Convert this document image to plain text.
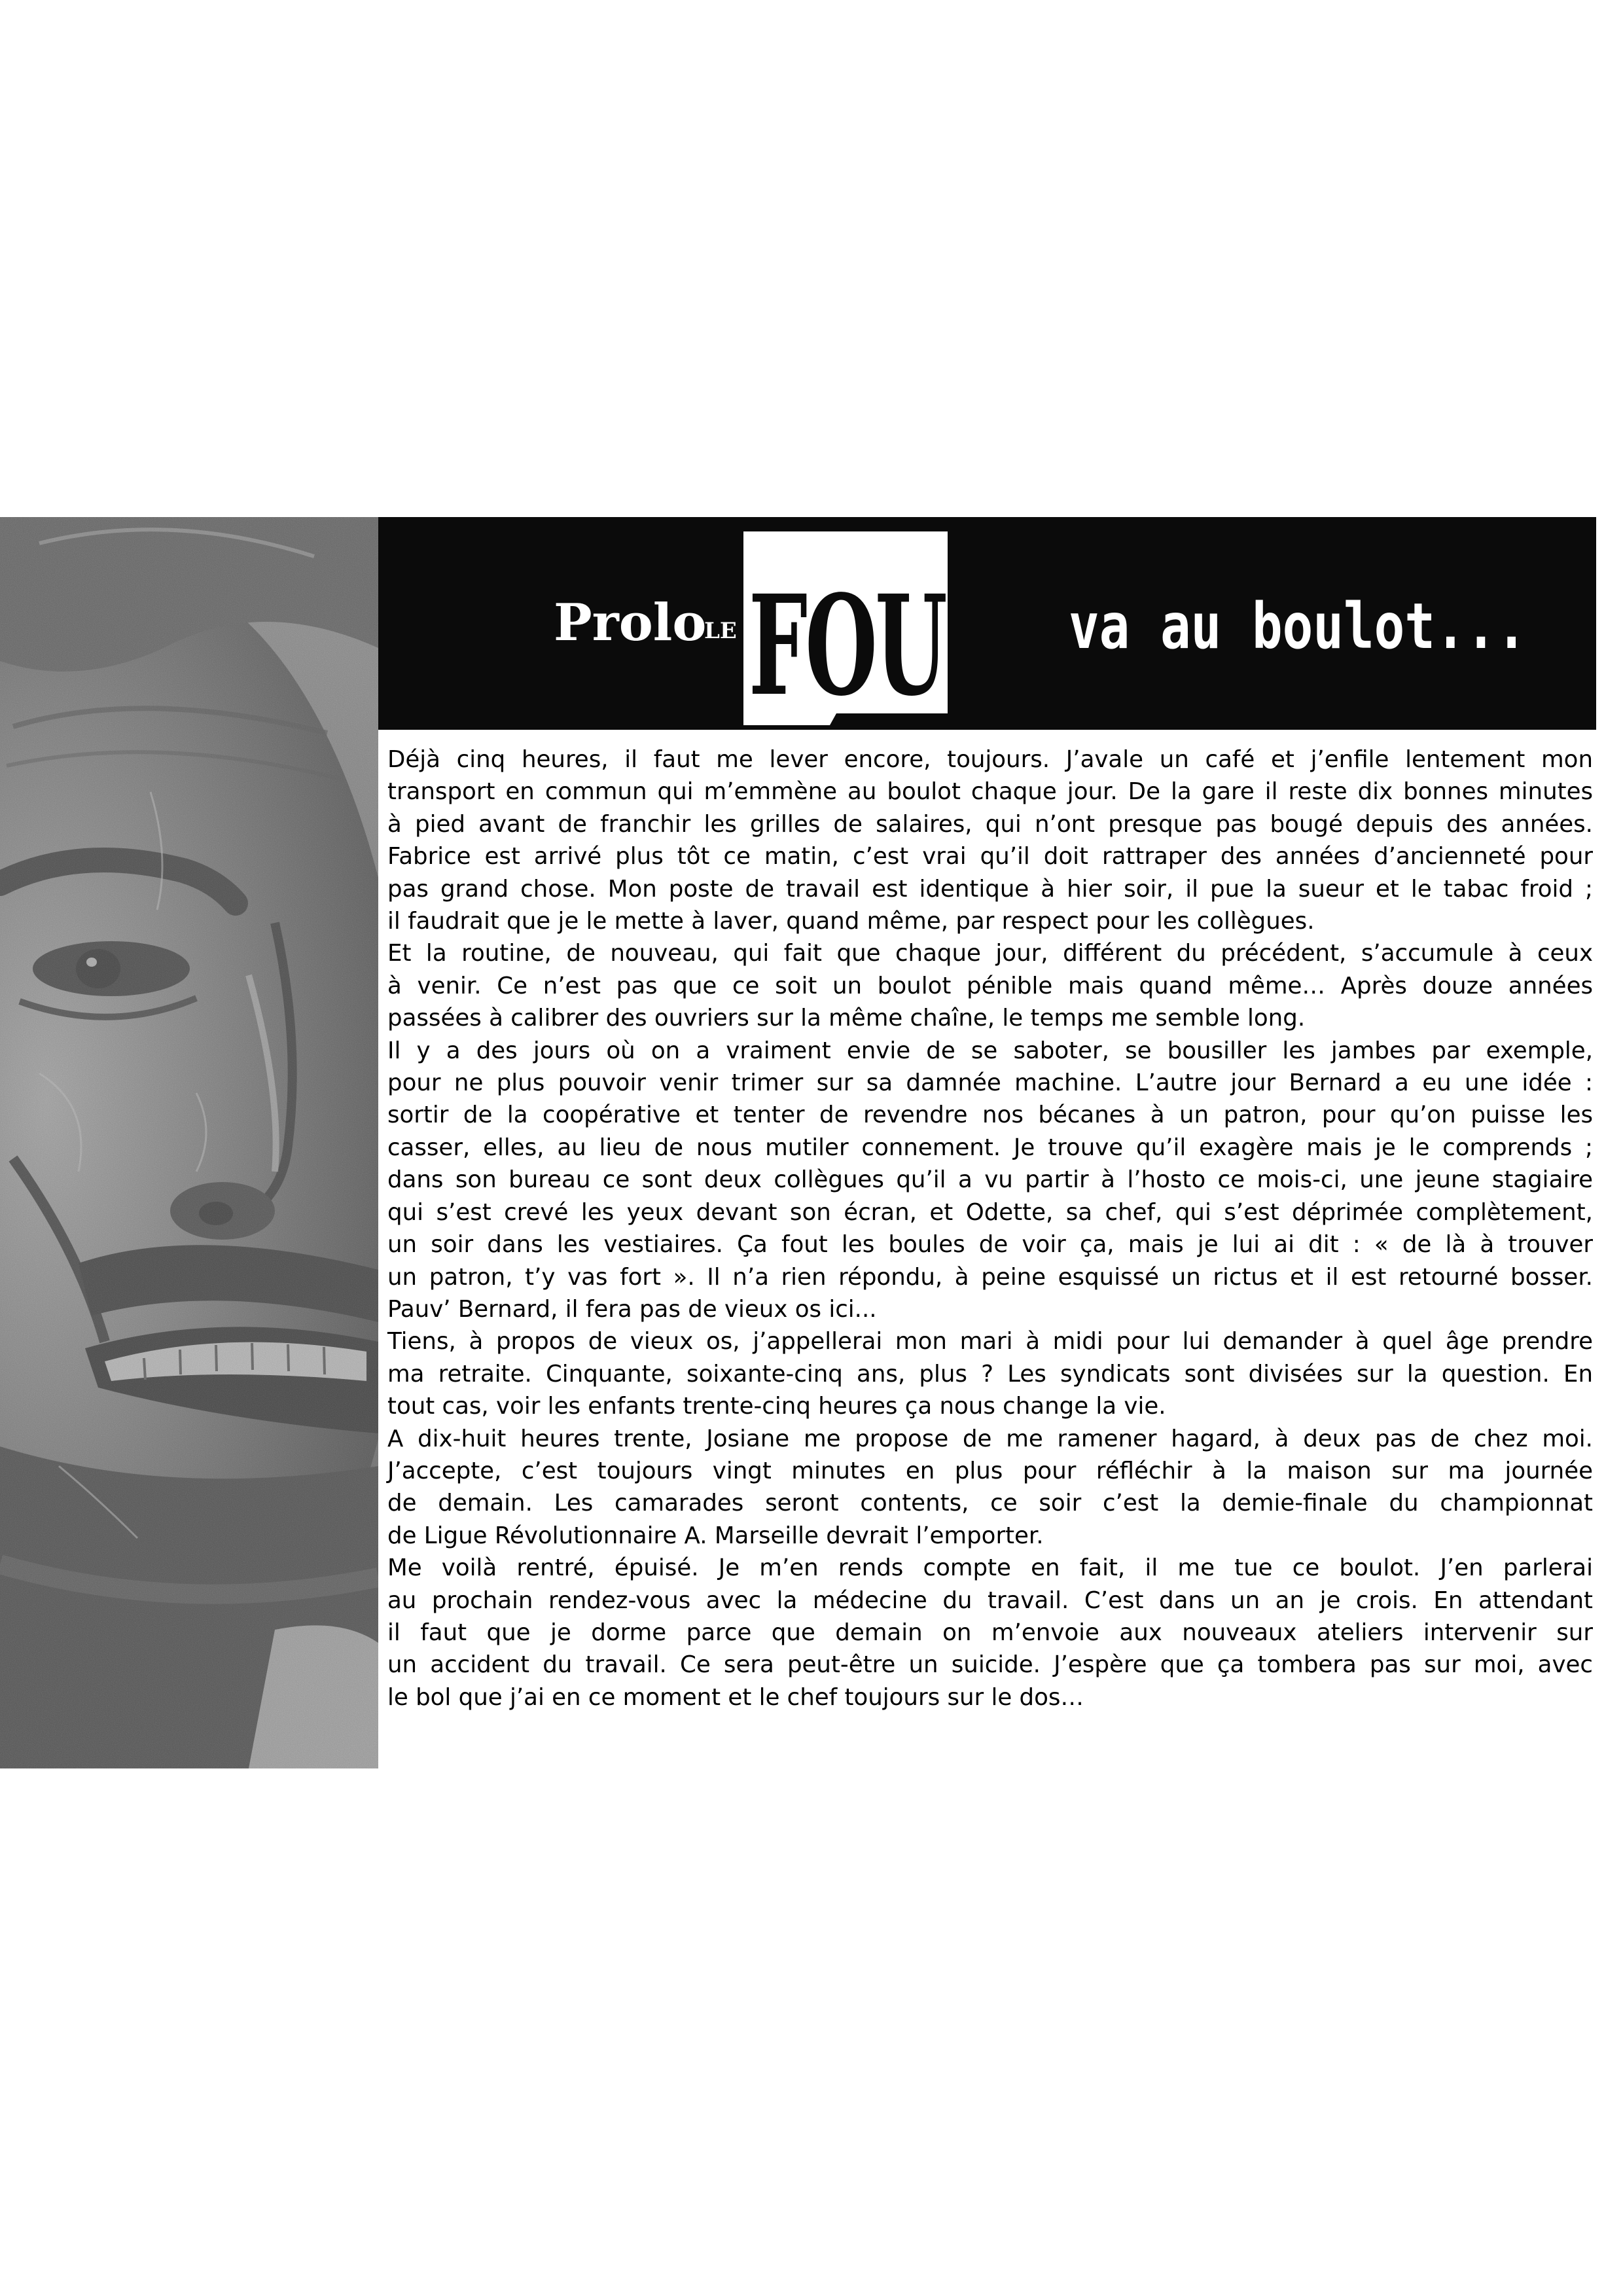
Prolo
LE FOU va au boulot...

Déjà cinq heures, il faut me lever encore, toujours. J’avale un café et j’enfile lentement mon

transport en commun qui m’emmène au boulot chaque jour. De la gare il reste dix bonnes minutes

à pied avant de franchir les grilles de salaires, qui n’ont presque pas bougé depuis des années.

Fabrice est arrivé plus tôt ce matin, c’est vrai qu’il doit rattraper des années d’ancienneté pour

pas grand chose. Mon poste de travail est identique à hier soir, il pue la sueur et le tabac froid ;

il faudrait que je le mette à laver, quand même, par respect pour les collègues.

Et la routine, de nouveau, qui fait que chaque jour, différent du précédent, s’accumule à ceux

à venir. Ce n’est pas que ce soit un boulot pénible mais quand même… Après douze années

passées à calibrer des ouvriers sur la même chaîne, le temps me semble long.

Il y a des jours où on a vraiment envie de se saboter, se bousiller les jambes par exemple,

pour ne plus pouvoir venir trimer sur sa damnée machine. L’autre jour Bernard a eu une idée :

sortir de la coopérative et tenter de revendre nos bécanes à un patron, pour qu’on puisse les

casser, elles, au lieu de nous mutiler connement. Je trouve qu’il exagère mais je le comprends ;

dans son bureau ce sont deux collègues qu’il a vu partir à l’hosto ce mois-ci, une jeune stagiaire

qui s’est crevé les yeux devant son écran, et Odette, sa chef, qui s’est déprimée complètement,

un soir dans les vestiaires. Ça fout les boules de voir ça, mais je lui ai dit : « de là à trouver

un patron, t’y vas fort ». Il n’a rien répondu, à peine esquissé un rictus et il est retourné bosser.

Pauv’ Bernard, il fera pas de vieux os ici...

Tiens, à propos de vieux os, j’appellerai mon mari à midi pour lui demander à quel âge prendre

ma retraite. Cinquante, soixante-cinq ans, plus ? Les syndicats sont divisées sur la question. En

tout cas, voir les enfants trente-cinq heures ça nous change la vie.

A dix-huit heures trente, Josiane me propose de me ramener hagard, à deux pas de chez moi.

J’accepte, c’est toujours vingt minutes en plus pour réfléchir à la maison sur ma journée

de demain. Les camarades seront contents, ce soir c’est la demie-finale du championnat

de Ligue Révolutionnaire A. Marseille devrait l’emporter.

Me voilà rentré, épuisé. Je m’en rends compte en fait, il me tue ce boulot. J’en parlerai

au prochain rendez-vous avec la médecine du travail. C’est dans un an je crois. En attendant

il faut que je dorme parce que demain on m’envoie aux nouveaux ateliers intervenir sur

un accident du travail. Ce sera peut-être un suicide. J’espère que ça tombera pas sur moi, avec

le bol que j’ai en ce moment et le chef toujours sur le dos…
